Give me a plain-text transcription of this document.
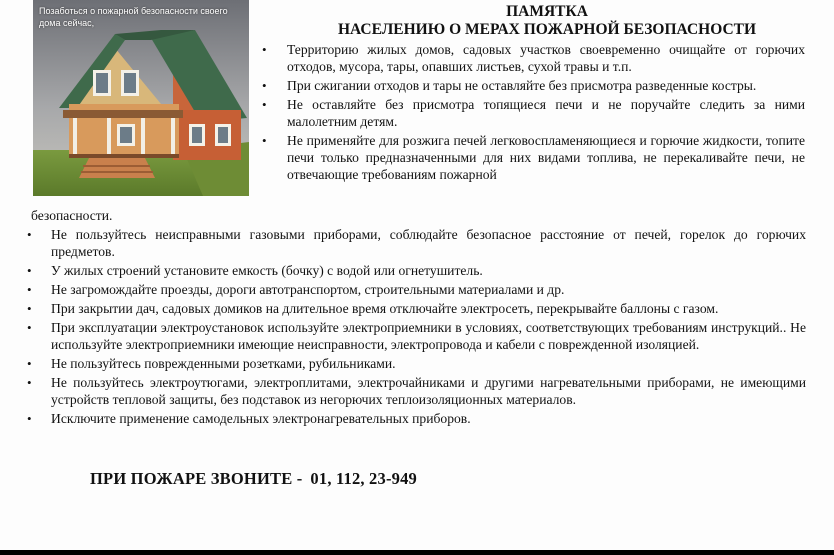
Позаботься о пожарной безопасности своего дома сейчас,
ПАМЯТКА
НАСЕЛЕНИЮ О МЕРАХ ПОЖАРНОЙ БЕЗОПАСНОСТИ
• Территорию жилых домов, садовых участков своевременно очищайте от горючих отходов, мусора, тары, опавших листьев, сухой травы и т.п.
• При сжигании отходов и тары не оставляйте без присмотра разведенные костры.
• Не оставляйте без присмотра топящиеся печи и не поручайте следить за ними малолетним детям.
• Не применяйте для розжига печей легковоспламеняющиеся и горючие жидкости, топите печи только предназначенными для них видами топлива, не перекаливайте печи, не отвечающие требованиям пожарной
безопасности.
• Не пользуйтесь неисправными газовыми приборами, соблюдайте безопасное расстояние от печей, горелок до горючих предметов.
• У жилых строений установите емкость (бочку) с водой или огнетушитель.
• Не загромождайте проезды, дороги автотранспортом, строительными материалами и др.
• При закрытии дач, садовых домиков на длительное время отключайте электросеть, перекрывайте баллоны с газом.
• При эксплуатации электроустановок используйте электроприемники в условиях, соответствующих требованиям инструкций.. Не используйте электроприемники имеющие неисправности, электропровода и кабели с поврежденной изоляцией.
• Не пользуйтесь поврежденными розетками, рубильниками.
• Не пользуйтесь электроутюгами, электроплитами, электрочайниками и другими нагревательными приборами, не имеющими устройств тепловой защиты, без подставок из негорючих теплоизоляционных материалов.
• Исключите применение самодельных электронагревательных приборов.

ПРИ ПОЖАРЕ ЗВОНИТЕ - 01, 112, 23-949
